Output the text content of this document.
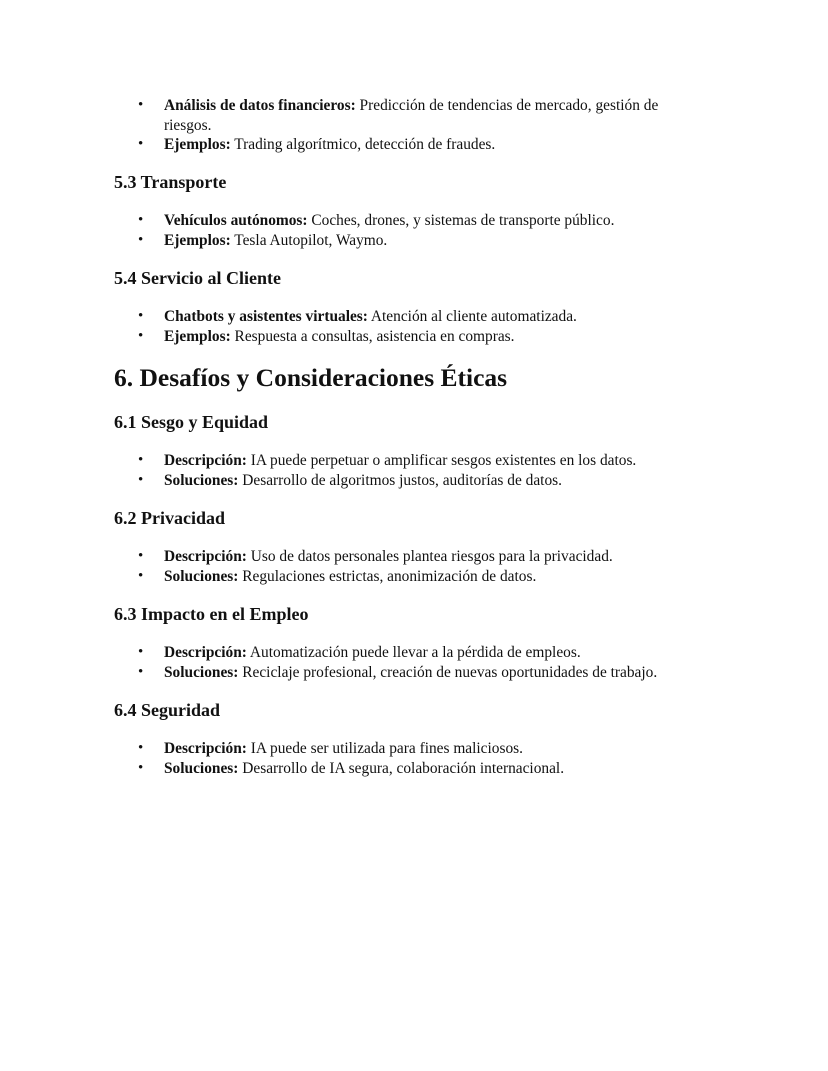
• Análisis de datos financieros: Predicción de tendencias de mercado, gestión de riesgos.
• Ejemplos: Trading algorítmico, detección de fraudes.
5.3 Transporte
• Vehículos autónomos: Coches, drones, y sistemas de transporte público.
• Ejemplos: Tesla Autopilot, Waymo.
5.4 Servicio al Cliente
• Chatbots y asistentes virtuales: Atención al cliente automatizada.
• Ejemplos: Respuesta a consultas, asistencia en compras.
6. Desafíos y Consideraciones Éticas
6.1 Sesgo y Equidad
• Descripción: IA puede perpetuar o amplificar sesgos existentes en los datos.
• Soluciones: Desarrollo de algoritmos justos, auditorías de datos.
6.2 Privacidad
• Descripción: Uso de datos personales plantea riesgos para la privacidad.
• Soluciones: Regulaciones estrictas, anonimización de datos.
6.3 Impacto en el Empleo
• Descripción: Automatización puede llevar a la pérdida de empleos.
• Soluciones: Reciclaje profesional, creación de nuevas oportunidades de trabajo.
6.4 Seguridad
• Descripción: IA puede ser utilizada para fines maliciosos.
• Soluciones: Desarrollo de IA segura, colaboración internacional.
